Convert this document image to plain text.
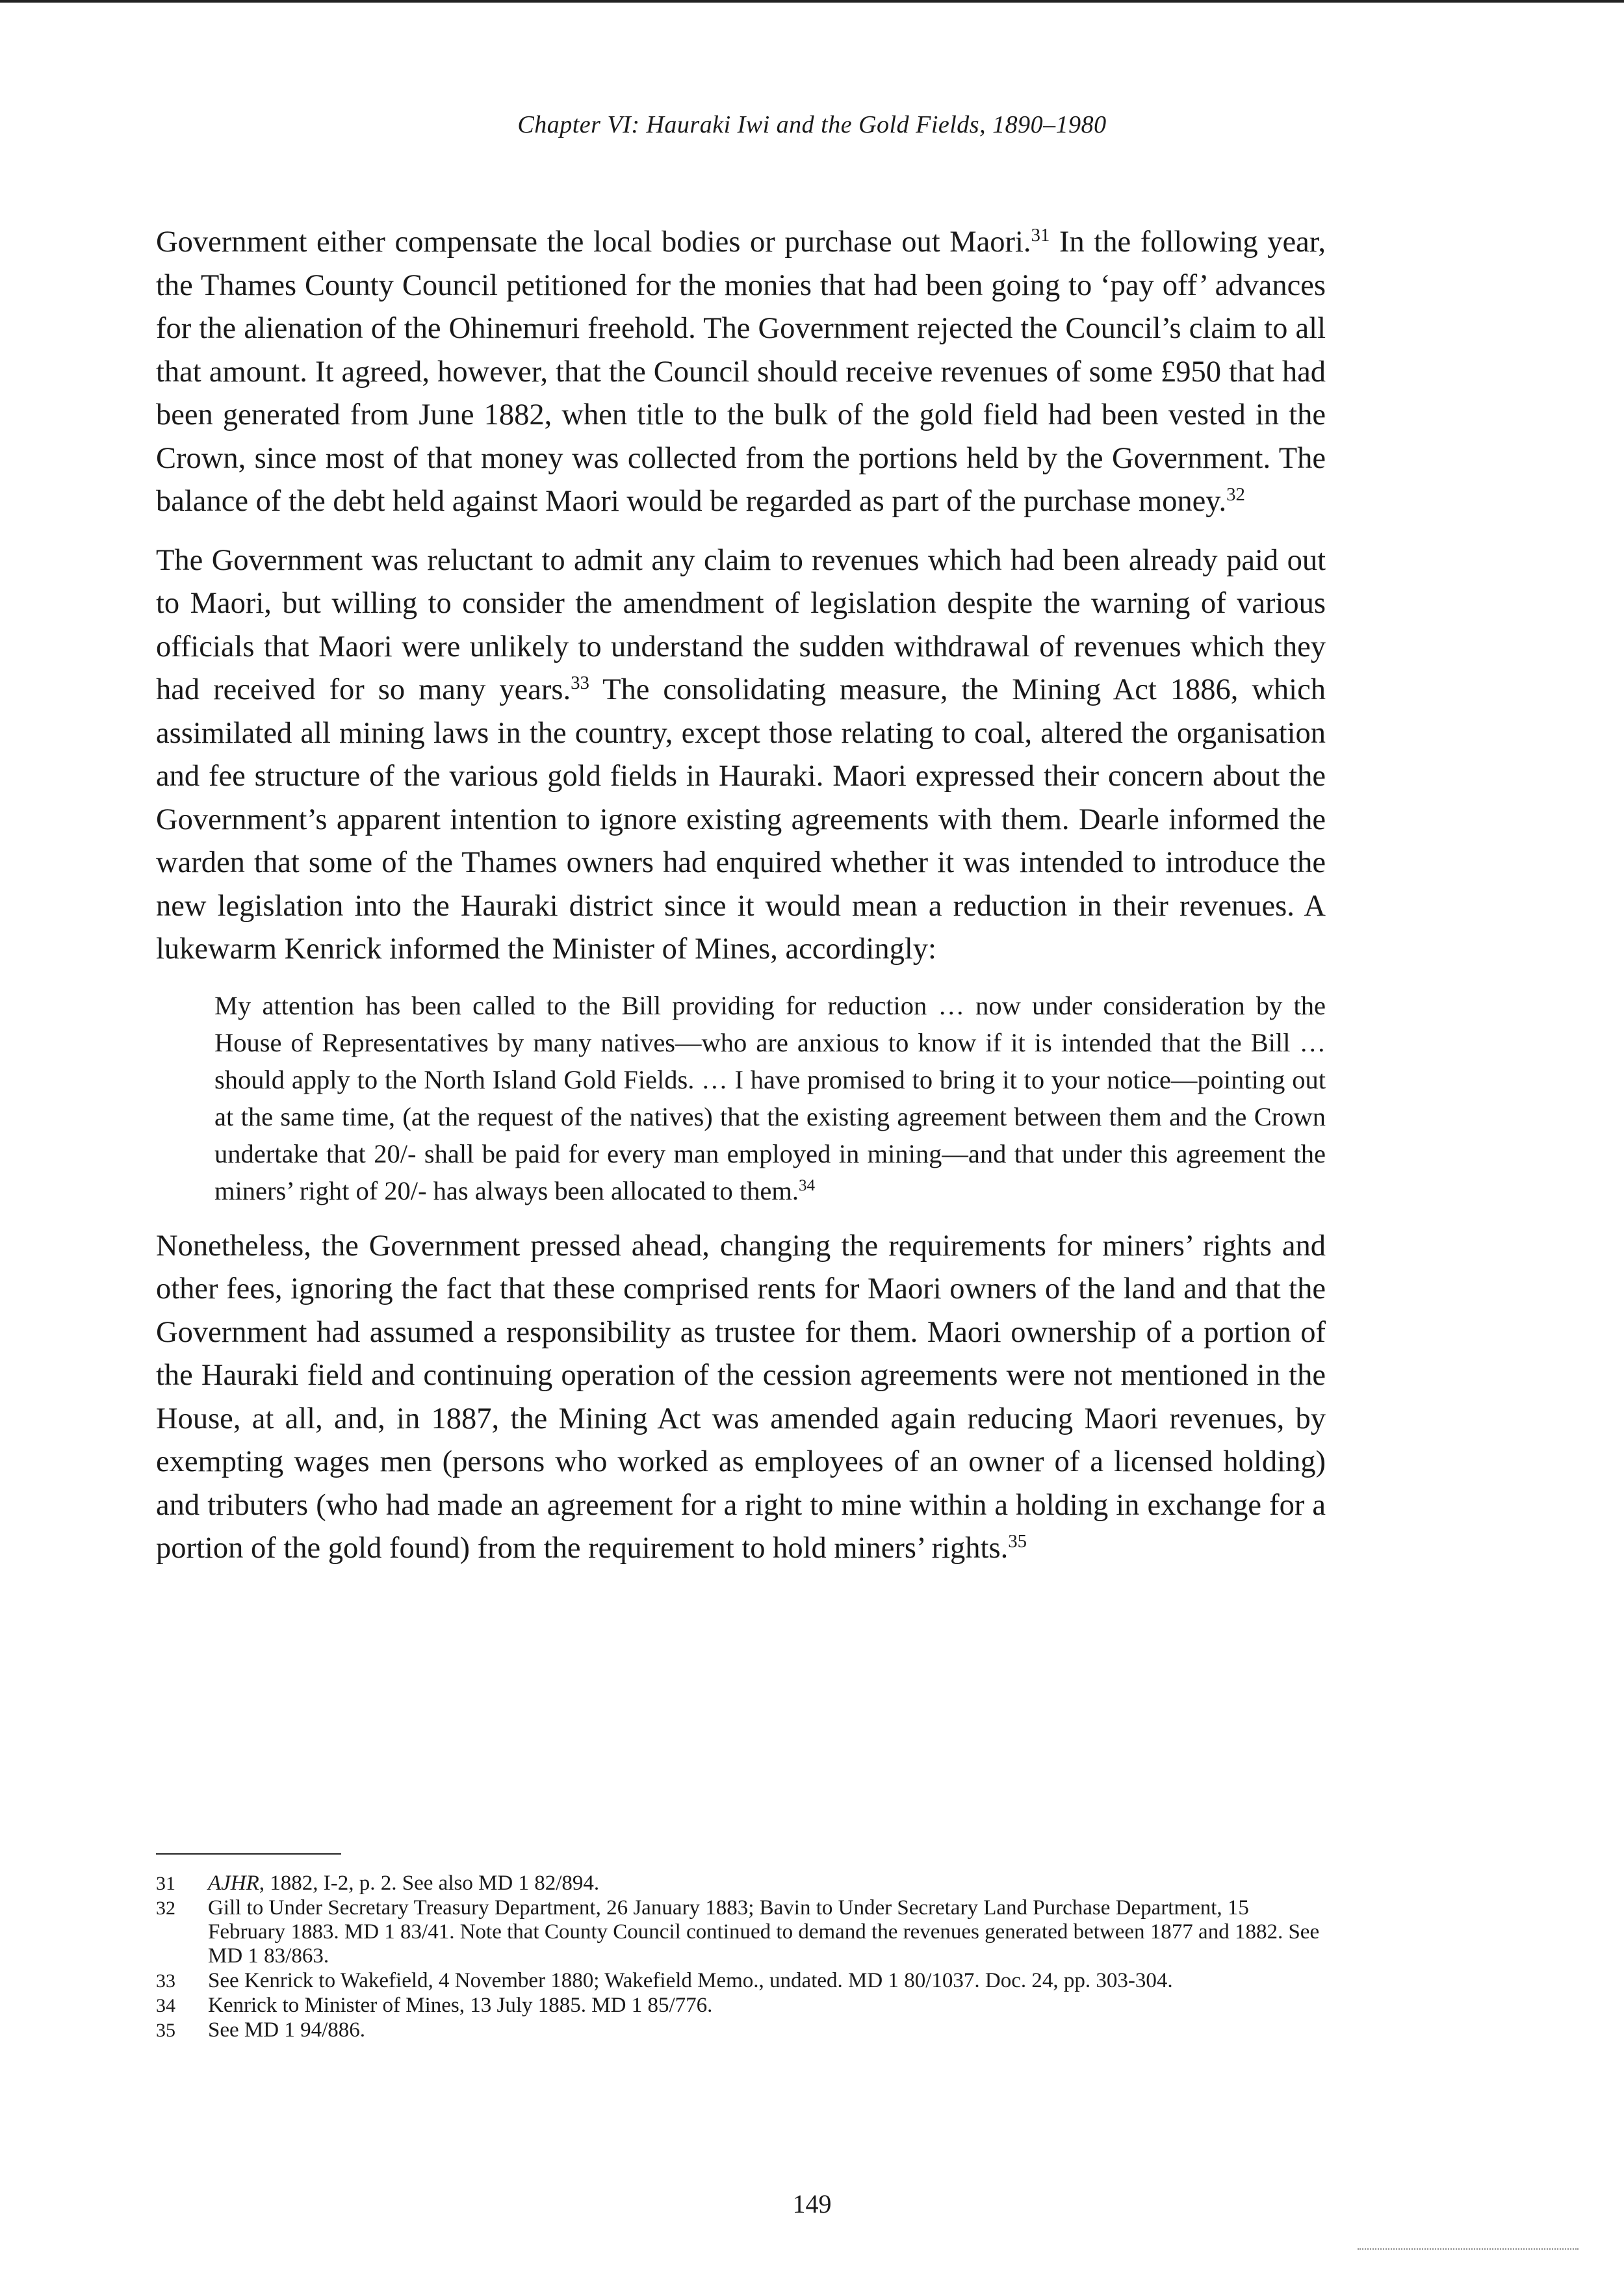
Chapter VI: Hauraki Iwi and the Gold Fields, 1890–1980

Government either compensate the local bodies or purchase out Maori.$^{31}$ In the following year, the Thames County Council petitioned for the monies that had been going to ‘pay off’ advances for the alienation of the Ohinemuri freehold. The Government rejected the Council’s claim to all that amount. It agreed, however, that the Council should receive revenues of some £950 that had been generated from June 1882, when title to the bulk of the gold field had been vested in the Crown, since most of that money was collected from the portions held by the Government. The balance of the debt held against Maori would be regarded as part of the purchase money.$^{32}$

The Government was reluctant to admit any claim to revenues which had been already paid out to Maori, but willing to consider the amendment of legislation despite the warning of various officials that Maori were unlikely to understand the sudden withdrawal of revenues which they had received for so many years.$^{33}$ The consolidating measure, the Mining Act 1886, which assimilated all mining laws in the country, except those relating to coal, altered the organisation and fee structure of the various gold fields in Hauraki. Maori expressed their concern about the Government’s apparent intention to ignore existing agreements with them. Dearle informed the warden that some of the Thames owners had enquired whether it was intended to introduce the new legislation into the Hauraki district since it would mean a reduction in their revenues. A lukewarm Kenrick informed the Minister of Mines, accordingly:

My attention has been called to the Bill providing for reduction … now under consideration by the House of Representatives by many natives—who are anxious to know if it is intended that the Bill … should apply to the North Island Gold Fields. … I have promised to bring it to your notice—pointing out at the same time, (at the request of the natives) that the existing agreement between them and the Crown undertake that 20/- shall be paid for every man employed in mining—and that under this agreement the miners’ right of 20/- has always been allocated to them.$^{34}$

Nonetheless, the Government pressed ahead, changing the requirements for miners’ rights and other fees, ignoring the fact that these comprised rents for Maori owners of the land and that the Government had assumed a responsibility as trustee for them. Maori ownership of a portion of the Hauraki field and continuing operation of the cession agreements were not mentioned in the House, at all, and, in 1887, the Mining Act was amended again reducing Maori revenues, by exempting wages men (persons who worked as employees of an owner of a licensed holding) and tributers (who had made an agreement for a right to mine within a holding in exchange for a portion of the gold found) from the requirement to hold miners’ rights.$^{35}$

31	AJHR, 1882, I-2, p. 2. See also MD 1 82/894.
32	Gill to Under Secretary Treasury Department, 26 January 1883; Bavin to Under Secretary Land Purchase Department, 15 February 1883. MD 1 83/41. Note that County Council continued to demand the revenues generated between 1877 and 1882. See MD 1 83/863.
33	See Kenrick to Wakefield, 4 November 1880; Wakefield Memo., undated. MD 1 80/1037. Doc. 24, pp. 303-304.
34	Kenrick to Minister of Mines, 13 July 1885. MD 1 85/776.
35	See MD 1 94/886.
149
